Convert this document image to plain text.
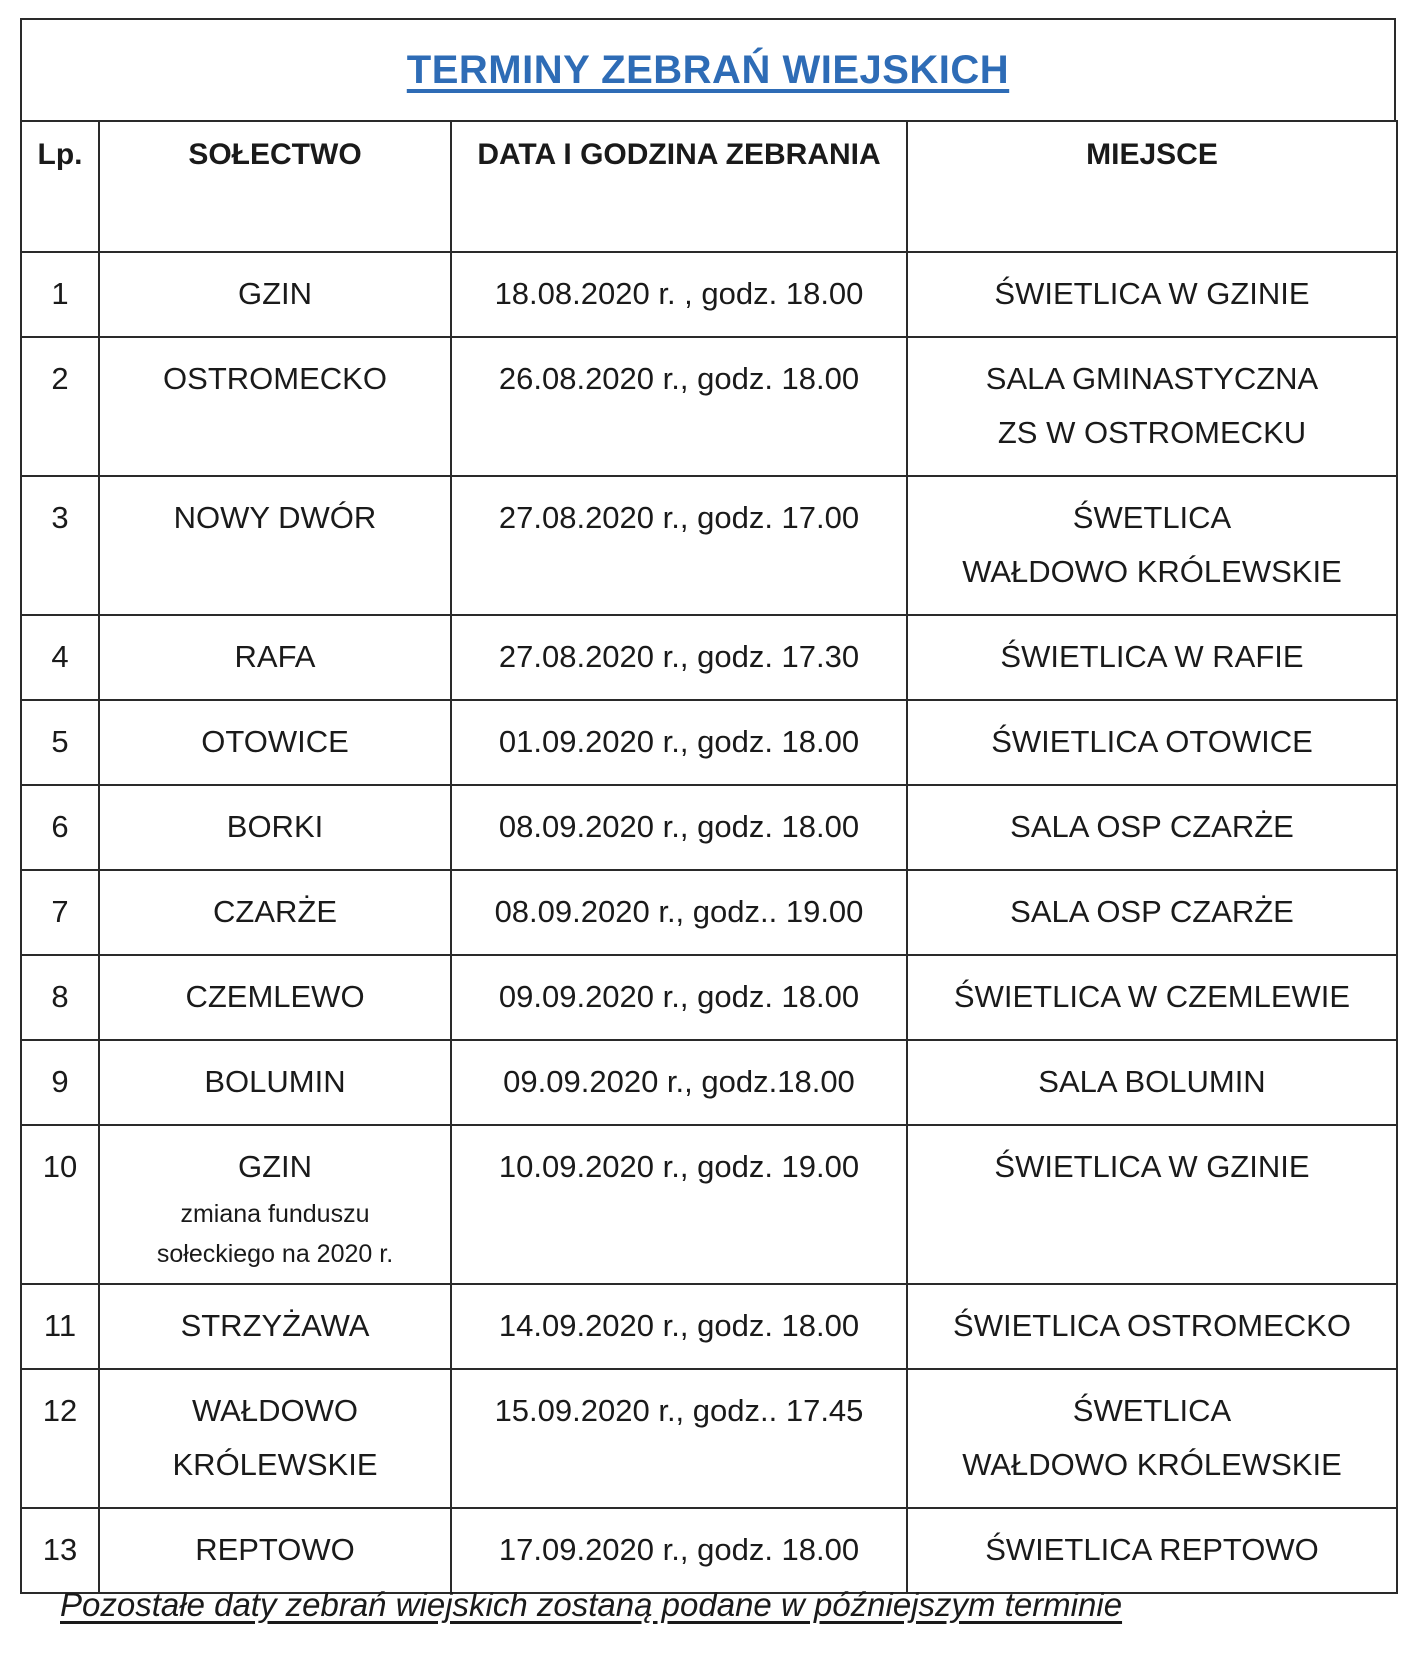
TERMINY ZEBRAŃ WIEJSKICH
Lp.	SOŁECTWO	DATA I GODZINA ZEBRANIA	MIEJSCE
1	GZIN	18.08.2020 r. , godz. 18.00	ŚWIETLICA W GZINIE

2	OSTROMECKO	26.08.2020 r., godz. 18.00	SALA GMINASTYCZNA
ZS W OSTROMECKU

3	NOWY DWÓR	27.08.2020 r., godz. 17.00	ŚWETLICA
WAŁDOWO KRÓLEWSKIE

4	RAFA	27.08.2020 r., godz. 17.30	ŚWIETLICA W RAFIE

5	OTOWICE	01.09.2020 r., godz. 18.00	ŚWIETLICA OTOWICE

6	BORKI	08.09.2020 r., godz. 18.00	SALA OSP CZARŻE

7	CZARŻE	08.09.2020 r., godz.. 19.00	SALA OSP CZARŻE

8	CZEMLEWO	09.09.2020 r., godz. 18.00	ŚWIETLICA W CZEMLEWIE

9	BOLUMIN	09.09.2020 r., godz.18.00	SALA BOLUMIN

10	GZIN
zmiana funduszu
sołeckiego na 2020 r.	10.09.2020 r., godz. 19.00	ŚWIETLICA W GZINIE

11	STRZYŻAWA	14.09.2020 r., godz. 18.00	ŚWIETLICA OSTROMECKO

12	WAŁDOWO
KRÓLEWSKIE	15.09.2020 r., godz.. 17.45	ŚWETLICA
WAŁDOWO KRÓLEWSKIE

13	REPTOWO	17.09.2020 r., godz. 18.00	ŚWIETLICA REPTOWO
Pozostałe daty zebrań wiejskich zostaną podane w późniejszym terminie
